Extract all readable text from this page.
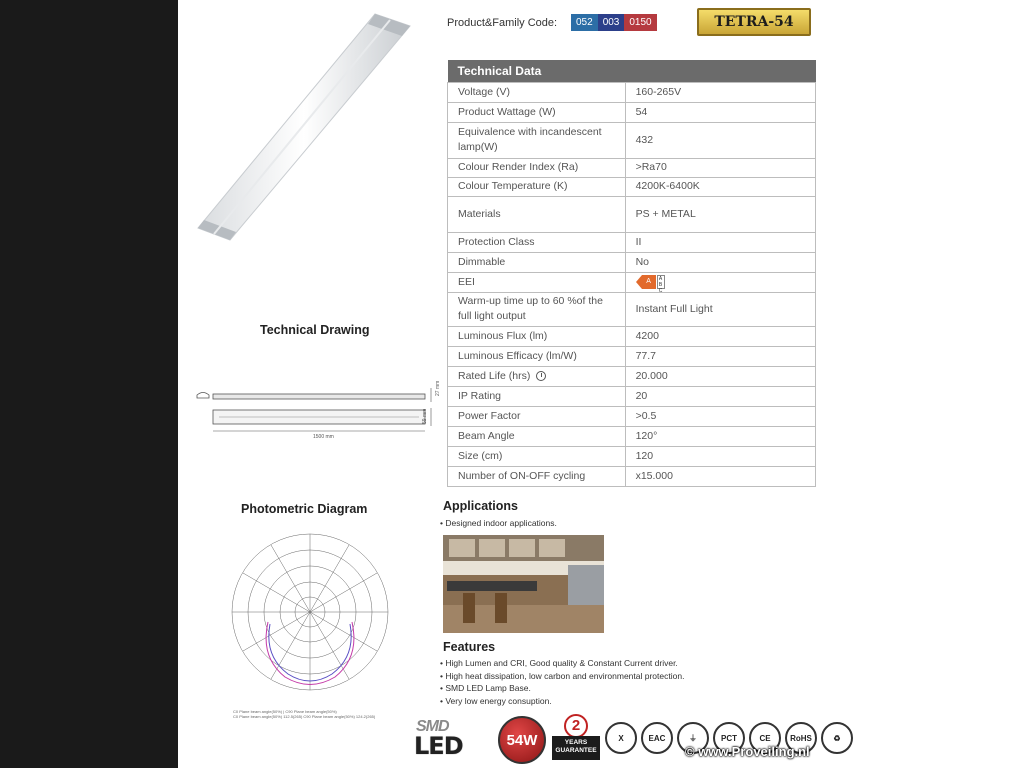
Product&Family Code:	052	003	0150	TETRA-54
Technical Data	
Voltage (V)	160-265V
Product Wattage (W)	54
Equivalence with incandescent lamp(W)	432
Colour Render Index (Ra)	>Ra70
Colour Temperature (K)	4200K-6400K
Materials	PS + METAL
Protection Class	II
Dimmable	No
EEI	A A B C

Warm-up time up to 60 %of the full light output	Instant Full Light
Luminous Flux (lm)	4200
Luminous Efficacy (lm/W)	77.7
Rated Life (hrs)	20.000
IP Rating	20
Power Factor	>0.5
Beam Angle	120°
Size (cm)	120
Number of ON-OFF cycling	x15.000
Technical Drawing
27 mm
59 mm
1500 mm
Photometric Diagram
C0 Plane beam angle(50%) | C90 Plane beam angle(50%)
C0 Plane beam angle(50%) 112.5(265) C90 Plane beam angle(50%) 124.2(265)
Applications
• Designed indoor applications.
Features
• High Lumen and CRI, Good quality & Constant Current driver.
• High heat dissipation, low carbon and environmental protection.
• SMD LED Lamp Base.
• Very low energy consuption.
SMD
LED	54W
2
YEARS
GUARANTEE
X	EAC	⏚	PCT	CE	RoHS	♻
© www.Proveiling.nl
